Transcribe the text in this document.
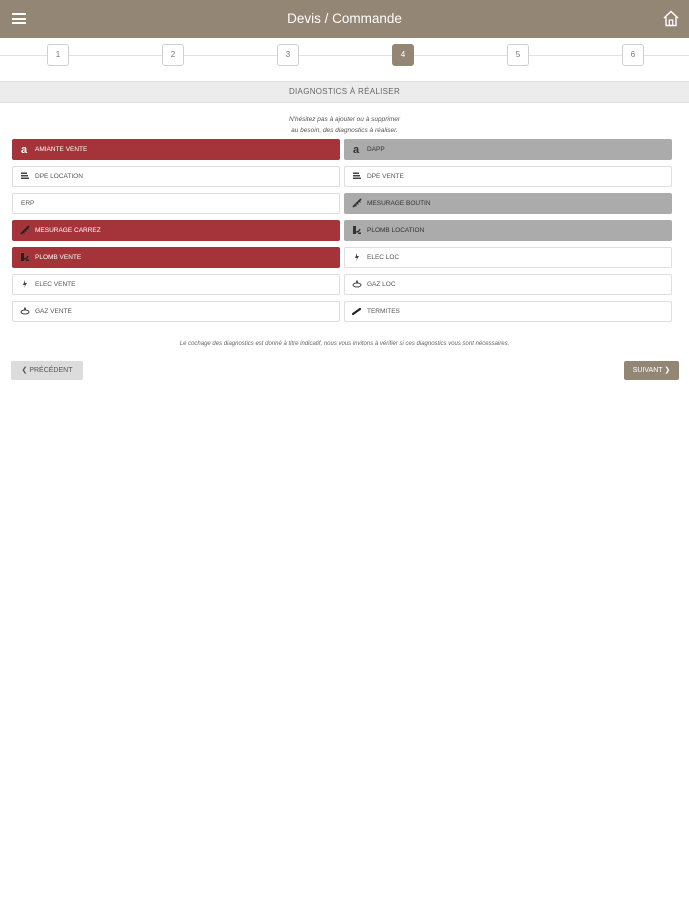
Devis / Commande
1	2	3	4	5	6
DIAGNOSTICS À RÉALISER
N'hésitez pas à ajouter ou à supprimer
au besoin, des diagnostics à réaliser.
a AMIANTE VENTE	a DAPP
DPE LOCATION	DPE VENTE
ERP	MESURAGE BOUTIN
MESURAGE CARREZ	PLOMB LOCATION
PLOMB VENTE	ELEC LOC
ELEC VENTE	GAZ LOC
GAZ VENTE	TERMITES
Le cochage des diagnostics est donné à titre indicatif, nous vous invitons à vérifier si ces diagnostics vous sont nécessaires.
❮ PRÉCÉDENT	SUIVANT ❯
